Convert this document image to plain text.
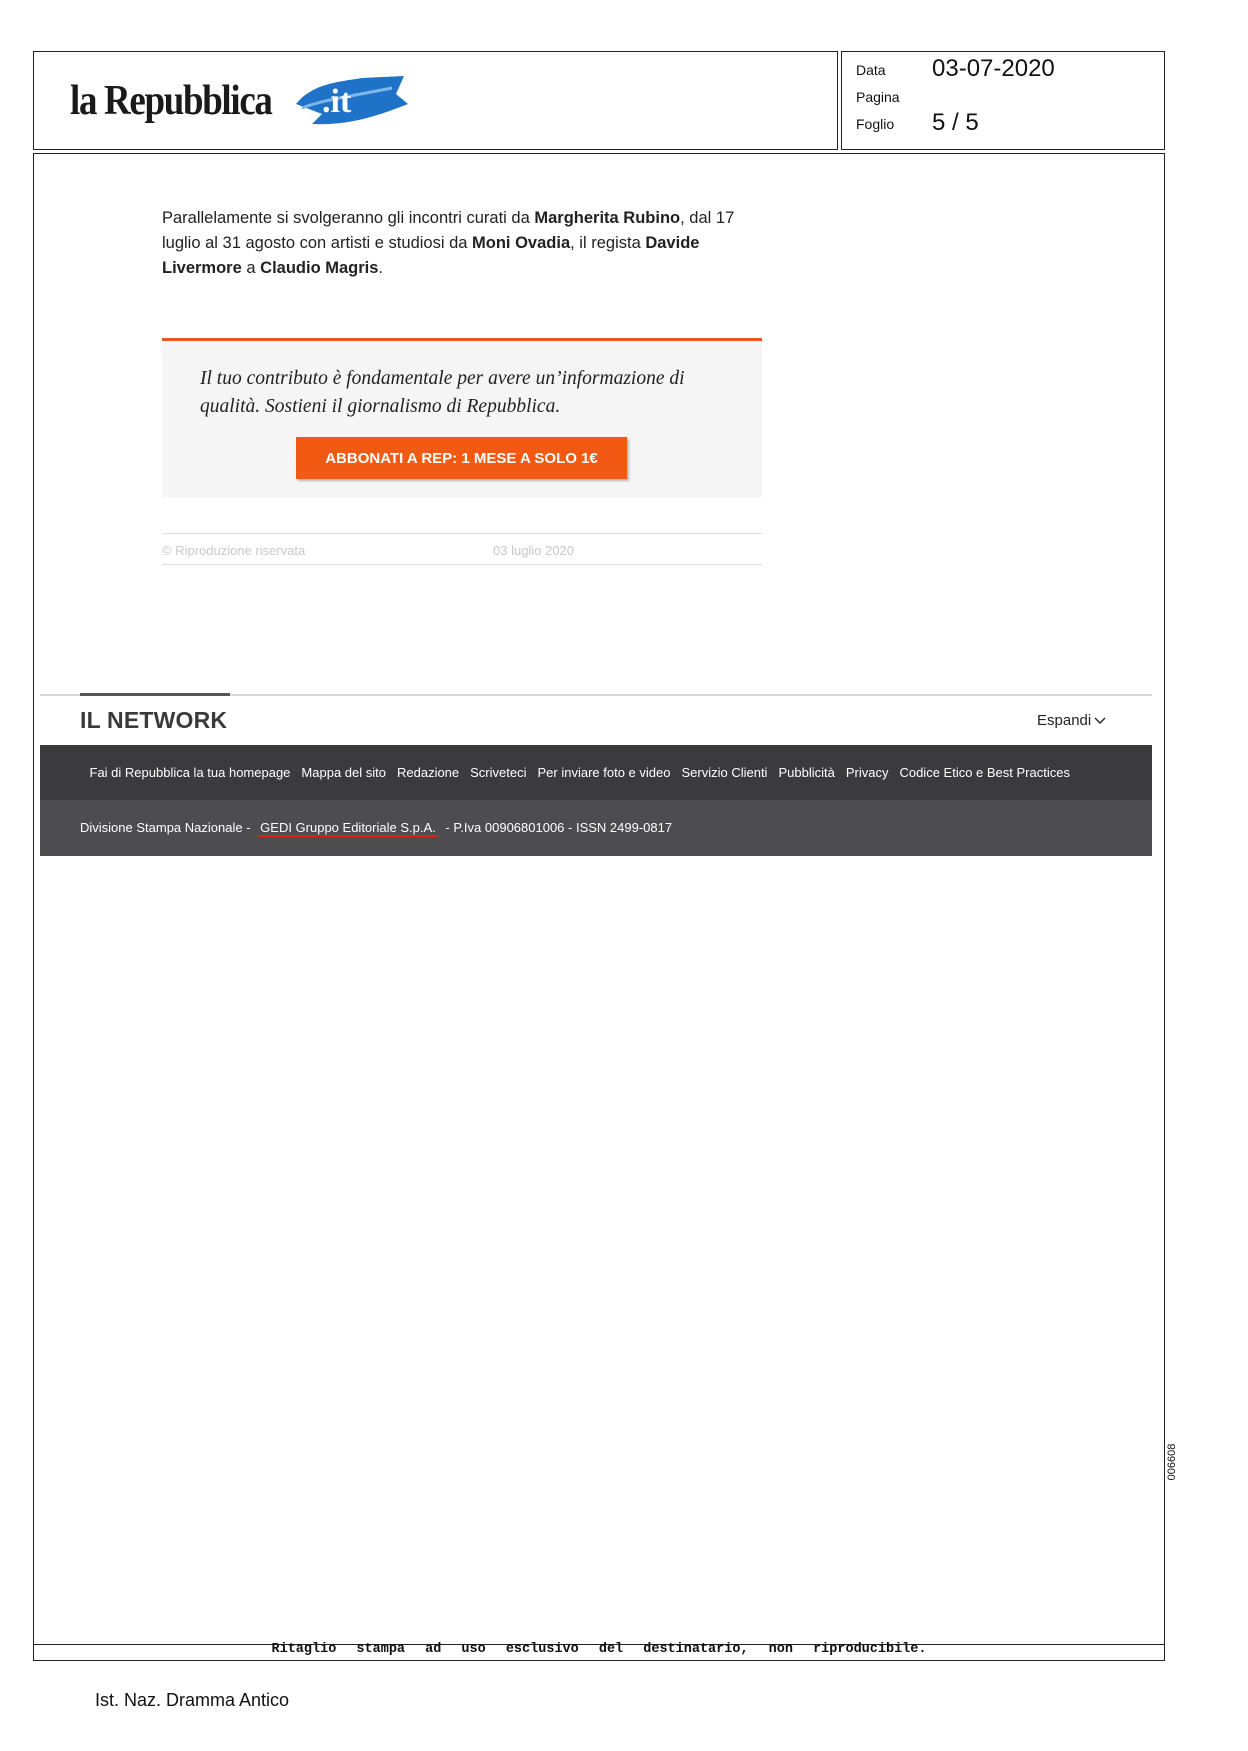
la Repubblica .it
Data 03-07-2020
Pagina
Foglio 5 / 5

Parallelamente si svolgeranno gli incontri curati da Margherita Rubino, dal 17 luglio al 31 agosto con artisti e studiosi da Moni Ovadia, il regista Davide Livermore a Claudio Magris.

Il tuo contributo è fondamentale per avere un’informazione di qualità. Sostieni il giornalismo di Repubblica.

ABBONATI A REP: 1 MESE A SOLO 1€
© Riproduzione riservata	03 luglio 2020
IL NETWORK	Espandi
Fai di Repubblica la tua homepage Mappa del sito Redazione Scriveteci Per inviare foto e video Servizio Clienti Pubblicità Privacy Codice Etico e Best Practices
Divisione Stampa Nazionale - GEDI Gruppo Editoriale S.p.A. - P.Iva 00906801006 - ISSN 2499-0817
006608
Ritaglio stampa ad uso esclusivo del destinatario, non riproducibile.
Ist. Naz. Dramma Antico
